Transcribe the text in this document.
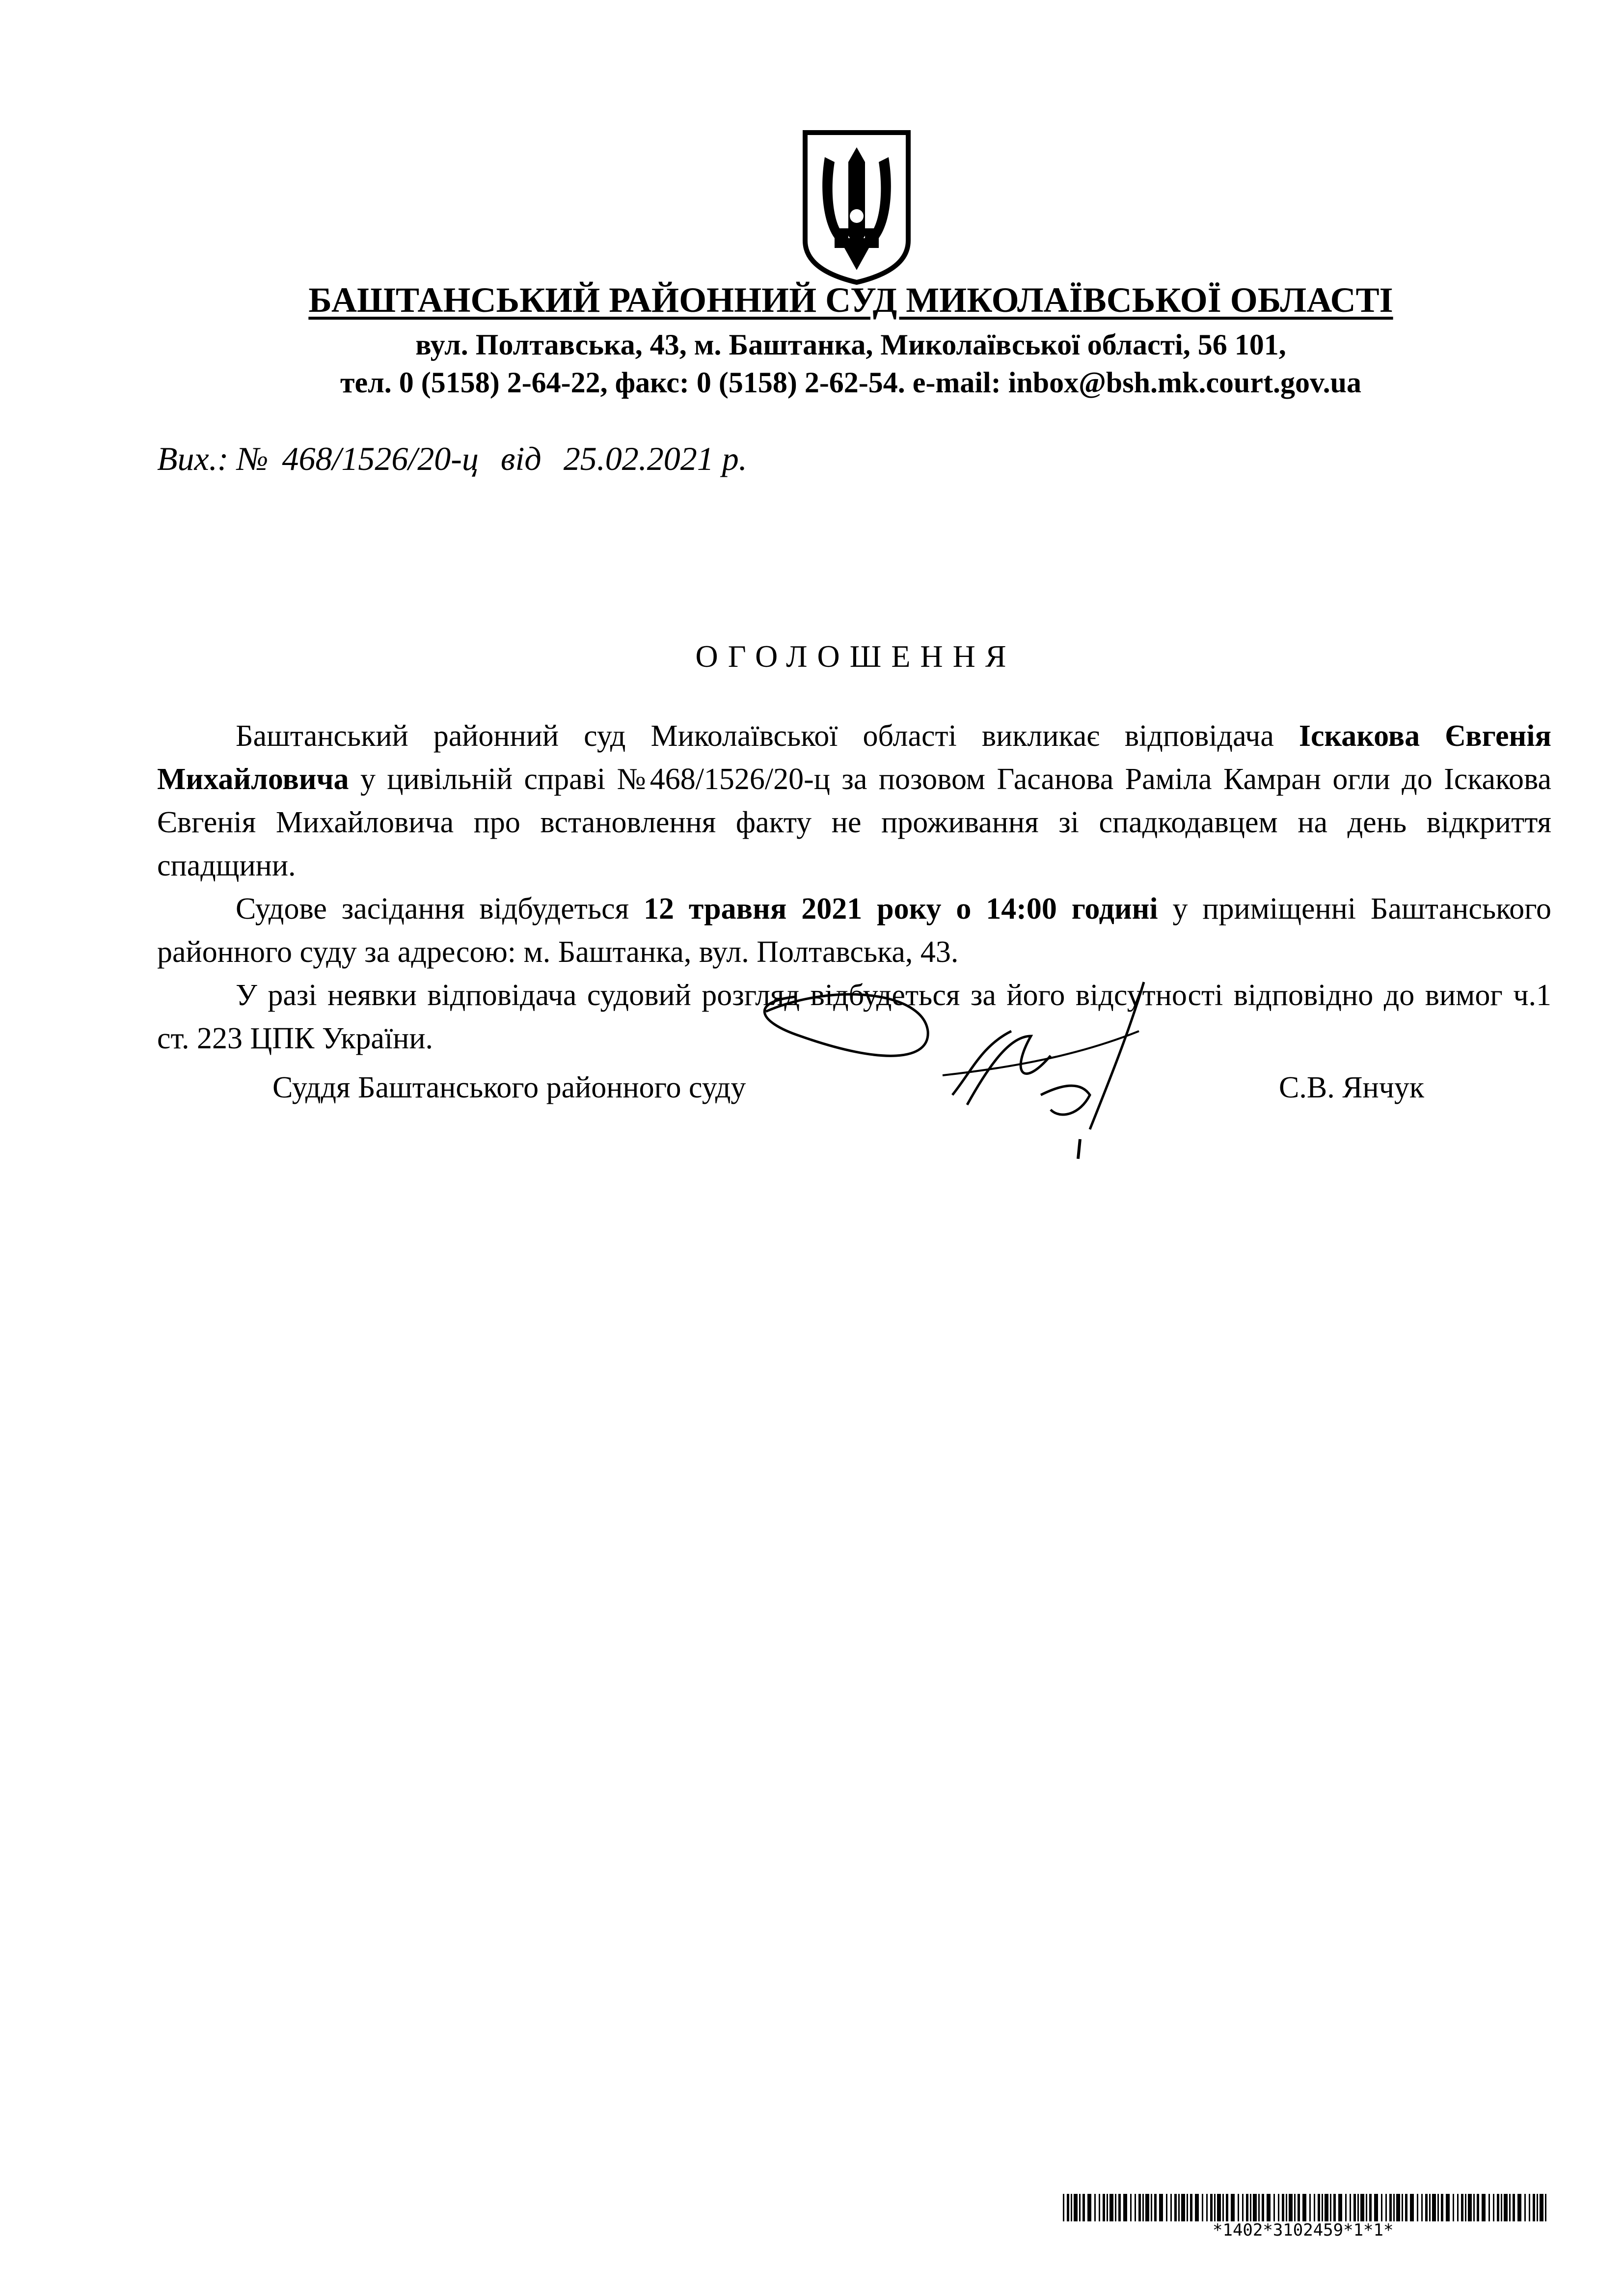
БАШТАНСЬКИЙ РАЙОННИЙ СУД МИКОЛАЇВСЬКОЇ ОБЛАСТІ
вул. Полтавська, 43, м. Баштанка, Миколаївської області, 56 101,
тел. 0 (5158) 2-64-22, факс: 0 (5158) 2-62-54. e-mail: inbox@bsh.mk.court.gov.ua
Вих.: № 468/1526/20-ц від 25.02.2021 р.
ОГОЛОШЕННЯ

Баштанський районний суд Миколаївської області викликає відповідача Іскакова Євгенія Михайловича у цивільній справі №468/1526/20-ц за позовом Гасанова Раміла Камран огли до Іскакова Євгенія Михайловича про встановлення факту не проживання зі спадкодавцем на день відкриття спадщини.

Судове засідання відбудеться 12 травня 2021 року о 14:00 годині у приміщенні Баштанського районного суду за адресою: м. Баштанка, вул. Полтавська, 43.

У разі неявки відповідача судовий розгляд відбудеться за його відсутності відповідно до вимог ч.1 ст. 223 ЦПК України.

Суддя Баштанського районного суду	С.В. Янчук
*1402*3102459*1*1*
